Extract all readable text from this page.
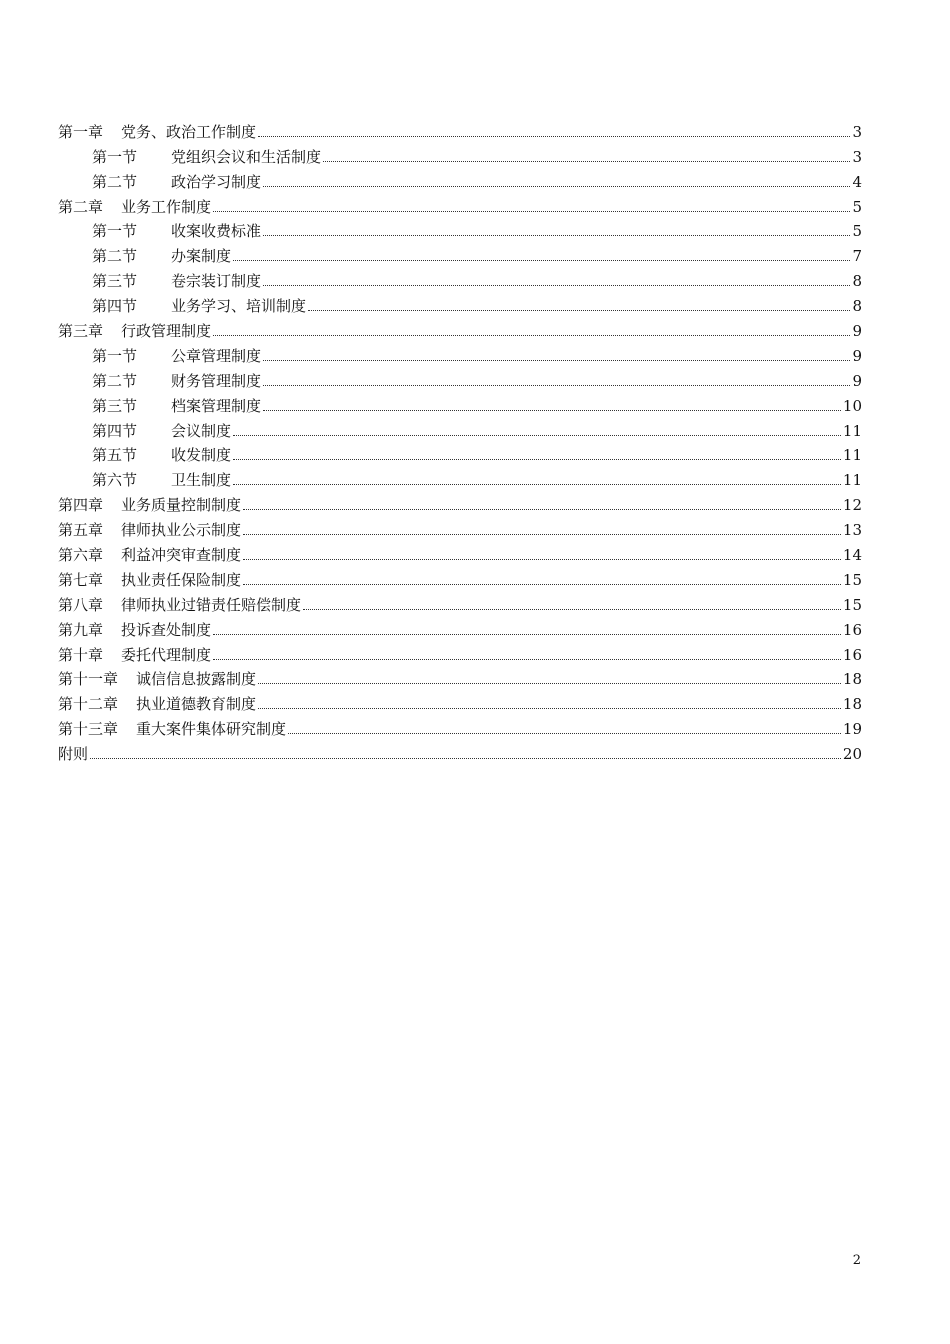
第一章 党务、政治工作制度	3
第一节 党组织会议和生活制度	3
第二节 政治学习制度	4
第二章 业务工作制度	5
第一节 收案收费标准	5
第二节 办案制度	7
第三节 卷宗装订制度	8
第四节 业务学习、培训制度	8
第三章 行政管理制度	9
第一节 公章管理制度	9
第二节 财务管理制度	9
第三节 档案管理制度	10
第四节 会议制度	11
第五节 收发制度	11
第六节 卫生制度	11
第四章 业务质量控制制度	12
第五章 律师执业公示制度	13
第六章 利益冲突审查制度	14
第七章 执业责任保险制度	15
第八章 律师执业过错责任赔偿制度	15
第九章 投诉查处制度	16
第十章 委托代理制度	16
第十一章 诚信信息披露制度	18
第十二章 执业道德教育制度	18
第十三章 重大案件集体研究制度	19
附则	20
2
